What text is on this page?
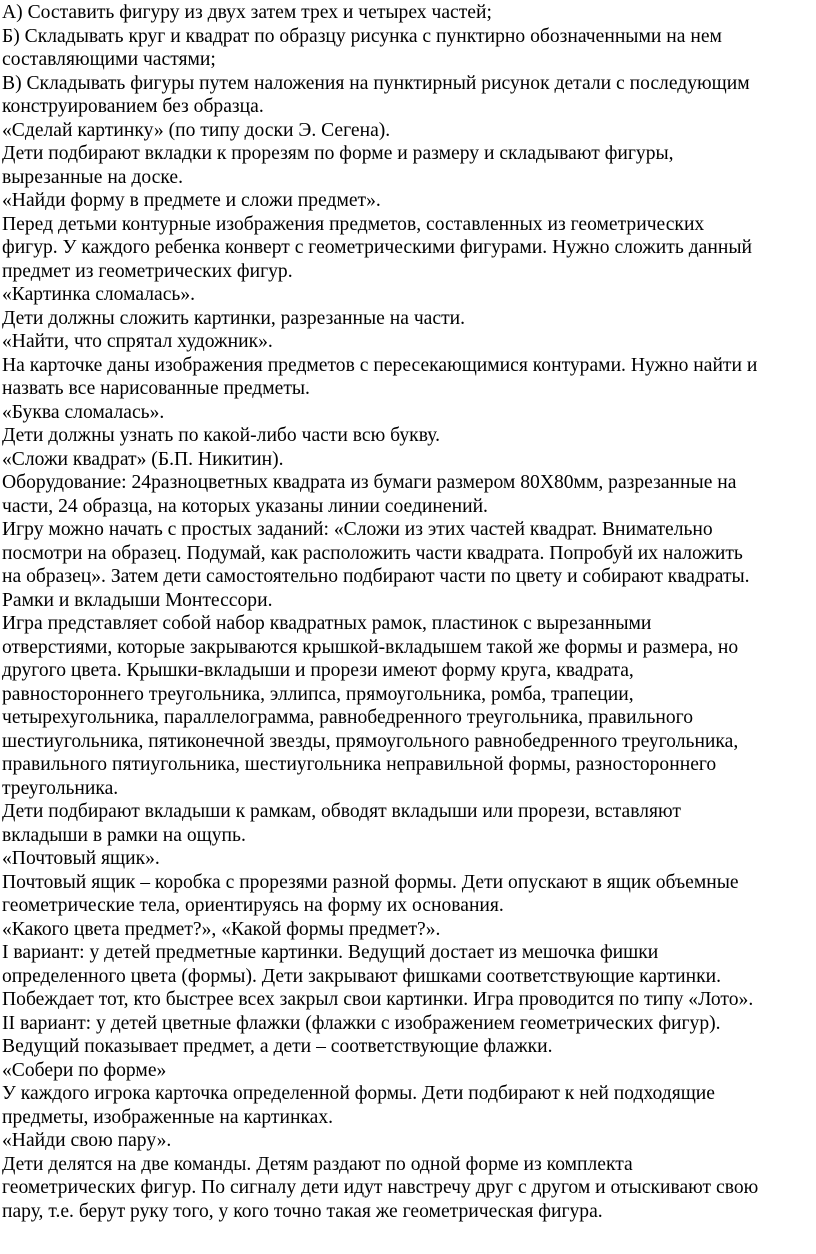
А) Составить фигуру из двух затем трех и четырех частей;
Б) Складывать круг и квадрат по образцу рисунка с пунктирно обозначенными на нем
составляющими частями;
В) Складывать фигуры путем наложения на пунктирный рисунок детали с последующим
конструированием без образца.
«Сделай картинку» (по типу доски Э. Сегена).
Дети подбирают вкладки к прорезям по форме и размеру и складывают фигуры,
вырезанные на доске.
«Найди форму в предмете и сложи предмет».
Перед детьми контурные изображения предметов, составленных из геометрических
фигур. У каждого ребенка конверт с геометрическими фигурами. Нужно сложить данный
предмет из геометрических фигур.
«Картинка сломалась».
Дети должны сложить картинки, разрезанные на части.
«Найти, что спрятал художник».
На карточке даны изображения предметов с пересекающимися контурами. Нужно найти и
назвать все нарисованные предметы.
«Буква сломалась».
Дети должны узнать по какой-либо части всю букву.
«Сложи квадрат» (Б.П. Никитин).
Оборудование: 24разноцветных квадрата из бумаги размером 80Х80мм, разрезанные на
части, 24 образца, на которых указаны линии соединений.
Игру можно начать с простых заданий: «Сложи из этих частей квадрат. Внимательно
посмотри на образец. Подумай, как расположить части квадрата. Попробуй их наложить
на образец». Затем дети самостоятельно подбирают части по цвету и собирают квадраты.
Рамки и вкладыши Монтессори.
Игра представляет собой набор квадратных рамок, пластинок с вырезанными
отверстиями, которые закрываются крышкой-вкладышем такой же формы и размера, но
другого цвета. Крышки-вкладыши и прорези имеют форму круга, квадрата,
равностороннего треугольника, эллипса, прямоугольника, ромба, трапеции,
четырехугольника, параллелограмма, равнобедренного треугольника, правильного
шестиугольника, пятиконечной звезды, прямоугольного равнобедренного треугольника,
правильного пятиугольника, шестиугольника неправильной формы, разностороннего
треугольника.
Дети подбирают вкладыши к рамкам, обводят вкладыши или прорези, вставляют
вкладыши в рамки на ощупь.
«Почтовый ящик».
Почтовый ящик – коробка с прорезями разной формы. Дети опускают в ящик объемные
геометрические тела, ориентируясь на форму их основания.
«Какого цвета предмет?», «Какой формы предмет?».
I вариант: у детей предметные картинки. Ведущий достает из мешочка фишки
определенного цвета (формы). Дети закрывают фишками соответствующие картинки.
Побеждает тот, кто быстрее всех закрыл свои картинки. Игра проводится по типу «Лото».
II вариант: у детей цветные флажки (флажки с изображением геометрических фигур).
Ведущий показывает предмет, а дети – соответствующие флажки.
«Собери по форме»
У каждого игрока карточка определенной формы. Дети подбирают к ней подходящие
предметы, изображенные на картинках.
«Найди свою пару».
Дети делятся на две команды. Детям раздают по одной форме из комплекта
геометрических фигур. По сигналу дети идут навстречу друг с другом и отыскивают свою
пару, т.е. берут руку того, у кого точно такая же геометрическая фигура.
